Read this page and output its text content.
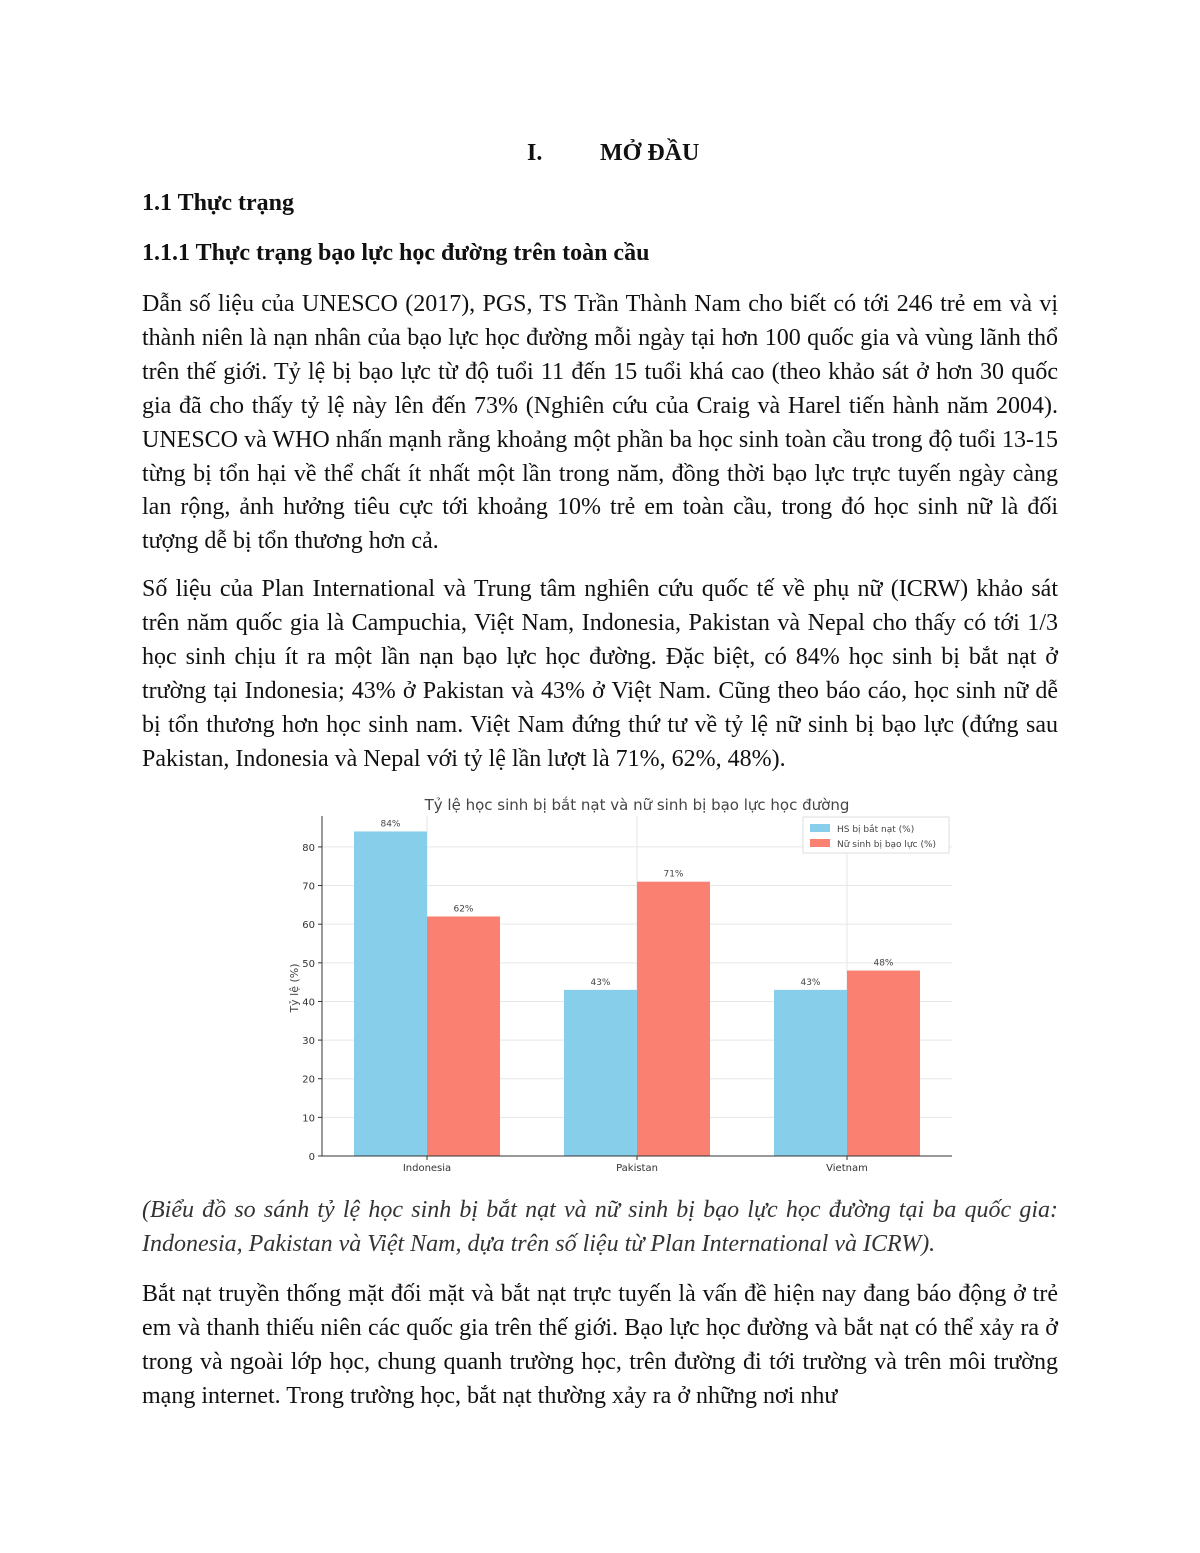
I. MỞ ĐẦU
1.1 Thực trạng
1.1.1 Thực trạng bạo lực học đường trên toàn cầu

Dẫn số liệu của UNESCO (2017), PGS, TS Trần Thành Nam cho biết có tới 246 trẻ em và vị thành niên là nạn nhân của bạo lực học đường mỗi ngày tại hơn 100 quốc gia và vùng lãnh thổ trên thế giới. Tỷ lệ bị bạo lực từ độ tuổi 11 đến 15 tuổi khá cao (theo khảo sát ở hơn 30 quốc gia đã cho thấy tỷ lệ này lên đến 73% (Nghiên cứu của Craig và Harel tiến hành năm 2004). UNESCO và WHO nhấn mạnh rằng khoảng một phần ba học sinh toàn cầu trong độ tuổi 13-15 từng bị tổn hại về thể chất ít nhất một lần trong năm, đồng thời bạo lực trực tuyến ngày càng lan rộng, ảnh hưởng tiêu cực tới khoảng 10% trẻ em toàn cầu, trong đó học sinh nữ là đối tượng dễ bị tổn thương hơn cả.

Số liệu của Plan International và Trung tâm nghiên cứu quốc tế về phụ nữ (ICRW) khảo sát trên năm quốc gia là Campuchia, Việt Nam, Indonesia, Pakistan và Nepal cho thấy có tới 1/3 học sinh chịu ít ra một lần nạn bạo lực học đường. Đặc biệt, có 84% học sinh bị bắt nạt ở trường tại Indonesia; 43% ở Pakistan và 43% ở Việt Nam. Cũng theo báo cáo, học sinh nữ dễ bị tổn thương hơn học sinh nam. Việt Nam đứng thứ tư về tỷ lệ nữ sinh bị bạo lực (đứng sau Pakistan, Indonesia và Nepal với tỷ lệ lần lượt là 71%, 62%, 48%).

Tỷ lệ học sinh bị bắt nạt và nữ sinh bị bạo lực học đường
Tỷ lệ (%)
84%
62%
43%
71%
43%
48%
0
10
20
30
40
50
60
70
80
Indonesia	Pakistan	Vietnam
HS bị bắt nạt (%)
Nữ sinh bị bạo lực (%)

(Biểu đồ so sánh tỷ lệ học sinh bị bắt nạt và nữ sinh bị bạo lực học đường tại ba quốc gia: Indonesia, Pakistan và Việt Nam, dựa trên số liệu từ Plan International và ICRW).

Bắt nạt truyền thống mặt đối mặt và bắt nạt trực tuyến là vấn đề hiện nay đang báo động ở trẻ em và thanh thiếu niên các quốc gia trên thế giới. Bạo lực học đường và bắt nạt có thể xảy ra ở trong và ngoài lớp học, chung quanh trường học, trên đường đi tới trường và trên môi trường mạng internet. Trong trường học, bắt nạt thường xảy ra ở những nơi như
